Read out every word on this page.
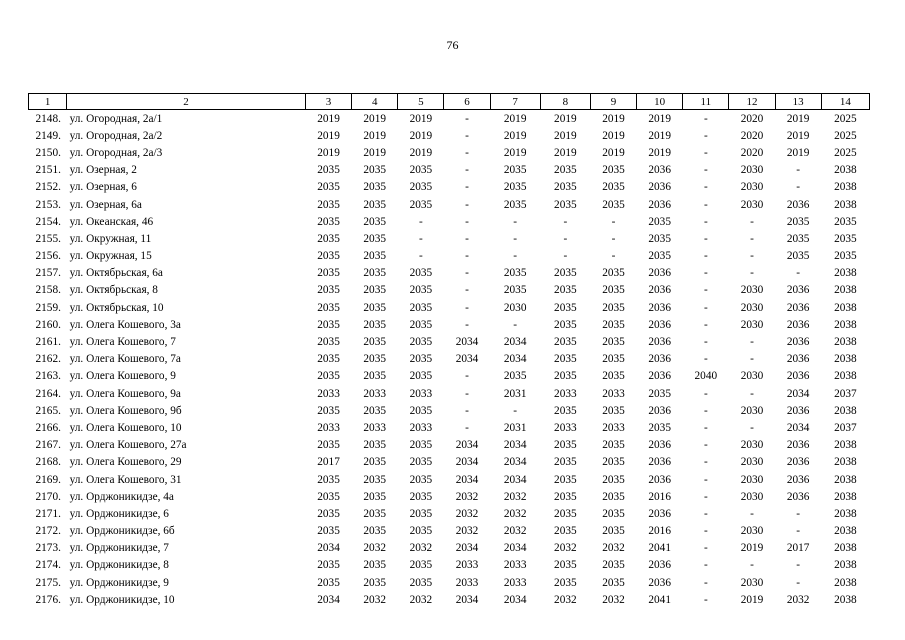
76
1	2	3	4	5	6	7	8	9	10	11	12	13	14
2148.	ул. Огородная, 2а/1	2019	2019	2019	-	2019	2019	2019	2019	-	2020	2019	2025
2149.	ул. Огородная, 2а/2	2019	2019	2019	-	2019	2019	2019	2019	-	2020	2019	2025
2150.	ул. Огородная, 2а/3	2019	2019	2019	-	2019	2019	2019	2019	-	2020	2019	2025
2151.	ул. Озерная, 2	2035	2035	2035	-	2035	2035	2035	2036	-	2030	-	2038
2152.	ул. Озерная, 6	2035	2035	2035	-	2035	2035	2035	2036	-	2030	-	2038
2153.	ул. Озерная, 6а	2035	2035	2035	-	2035	2035	2035	2036	-	2030	2036	2038
2154.	ул. Океанская, 46	2035	2035	-	-	-	-	-	2035	-	-	2035	2035
2155.	ул. Окружная, 11	2035	2035	-	-	-	-	-	2035	-	-	2035	2035
2156.	ул. Окружная, 15	2035	2035	-	-	-	-	-	2035	-	-	2035	2035
2157.	ул. Октябрьская, 6а	2035	2035	2035	-	2035	2035	2035	2036	-	-	-	2038
2158.	ул. Октябрьская, 8	2035	2035	2035	-	2035	2035	2035	2036	-	2030	2036	2038
2159.	ул. Октябрьская, 10	2035	2035	2035	-	2030	2035	2035	2036	-	2030	2036	2038
2160.	ул. Олега Кошевого, 3а	2035	2035	2035	-	-	2035	2035	2036	-	2030	2036	2038
2161.	ул. Олега Кошевого, 7	2035	2035	2035	2034	2034	2035	2035	2036	-	-	2036	2038
2162.	ул. Олега Кошевого, 7а	2035	2035	2035	2034	2034	2035	2035	2036	-	-	2036	2038
2163.	ул. Олега Кошевого, 9	2035	2035	2035	-	2035	2035	2035	2036	2040	2030	2036	2038
2164.	ул. Олега Кошевого, 9а	2033	2033	2033	-	2031	2033	2033	2035	-	-	2034	2037
2165.	ул. Олега Кошевого, 9б	2035	2035	2035	-	-	2035	2035	2036	-	2030	2036	2038
2166.	ул. Олега Кошевого, 10	2033	2033	2033	-	2031	2033	2033	2035	-	-	2034	2037
2167.	ул. Олега Кошевого, 27а	2035	2035	2035	2034	2034	2035	2035	2036	-	2030	2036	2038
2168.	ул. Олега Кошевого, 29	2017	2035	2035	2034	2034	2035	2035	2036	-	2030	2036	2038
2169.	ул. Олега Кошевого, 31	2035	2035	2035	2034	2034	2035	2035	2036	-	2030	2036	2038
2170.	ул. Орджоникидзе, 4а	2035	2035	2035	2032	2032	2035	2035	2016	-	2030	2036	2038
2171.	ул. Орджоникидзе, 6	2035	2035	2035	2032	2032	2035	2035	2036	-	-	-	2038
2172.	ул. Орджоникидзе, 6б	2035	2035	2035	2032	2032	2035	2035	2016	-	2030	-	2038
2173.	ул. Орджоникидзе, 7	2034	2032	2032	2034	2034	2032	2032	2041	-	2019	2017	2038
2174.	ул. Орджоникидзе, 8	2035	2035	2035	2033	2033	2035	2035	2036	-	-	-	2038
2175.	ул. Орджоникидзе, 9	2035	2035	2035	2033	2033	2035	2035	2036	-	2030	-	2038
2176.	ул. Орджоникидзе, 10	2034	2032	2032	2034	2034	2032	2032	2041	-	2019	2032	2038
